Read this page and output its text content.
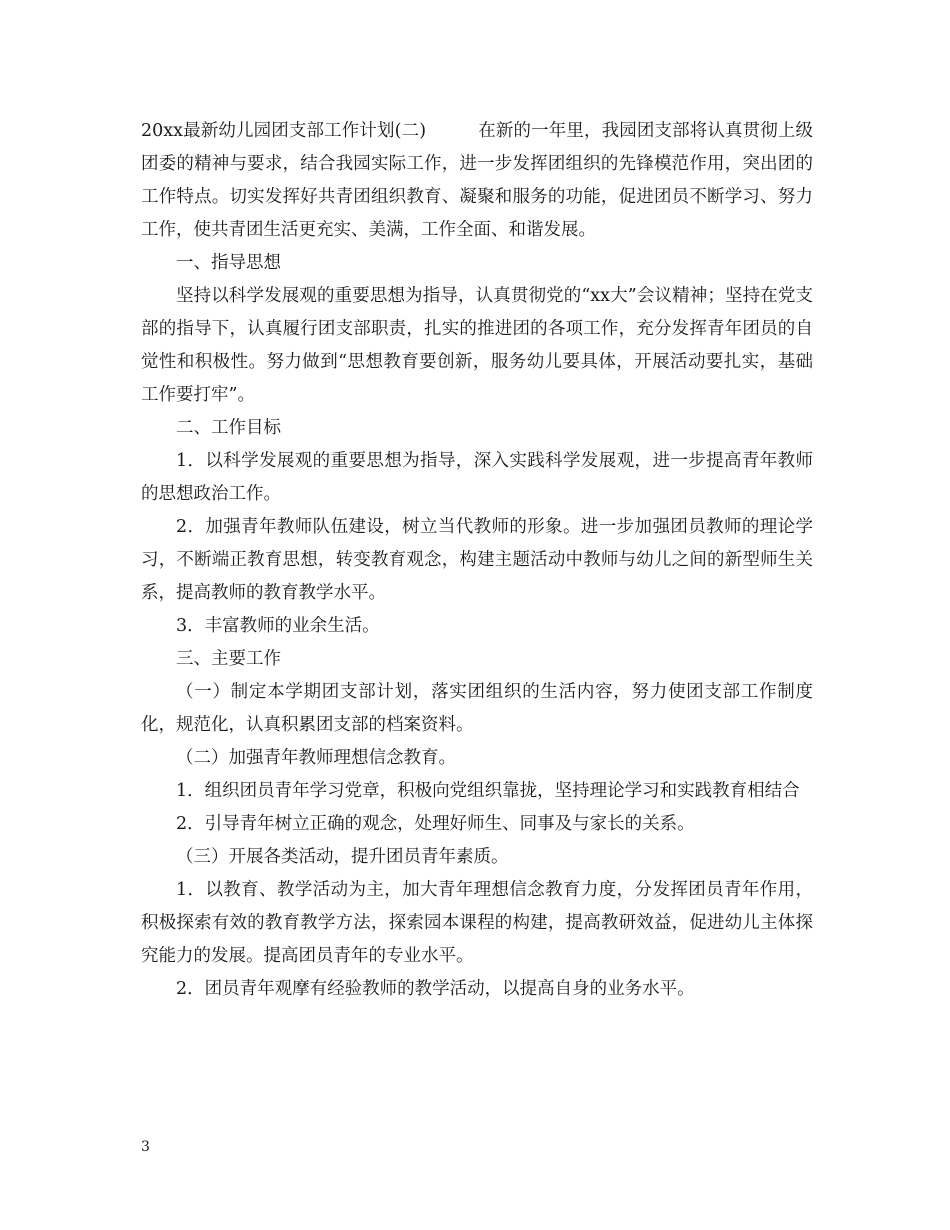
20xx最新幼儿园团支部工作计划(二)	在新的一年里，我园团支部将认真贯彻上级团委的精神与要求，结合我园实际工作，进一步发挥团组织的先锋模范作用，突出团的工作特点。切实发挥好共青团组织教育、凝聚和服务的功能，促进团员不断学习、努力工作，使共青团生活更充实、美满，工作全面、和谐发展。

一、指导思想

坚持以科学发展观的重要思想为指导，认真贯彻党的“xx大”会议精神；坚持在党支部的指导下，认真履行团支部职责，扎实的推进团的各项工作，充分发挥青年团员的自觉性和积极性。努力做到“思想教育要创新，服务幼儿要具体，开展活动要扎实，基础工作要打牢”。

二、工作目标

1．以科学发展观的重要思想为指导，深入实践科学发展观，进一步提高青年教师的思想政治工作。

2．加强青年教师队伍建设，树立当代教师的形象。进一步加强团员教师的理论学习，不断端正教育思想，转变教育观念，构建主题活动中教师与幼儿之间的新型师生关系，提高教师的教育教学水平。

3．丰富教师的业余生活。

三、主要工作

（一）制定本学期团支部计划，落实团组织的生活内容，努力使团支部工作制度化，规范化，认真积累团支部的档案资料。

（二）加强青年教师理想信念教育。

1．组织团员青年学习党章，积极向党组织靠拢，坚持理论学习和实践教育相结合

2．引导青年树立正确的观念，处理好师生、同事及与家长的关系。

（三）开展各类活动，提升团员青年素质。

1．以教育、教学活动为主，加大青年理想信念教育力度，分发挥团员青年作用，积极探索有效的教育教学方法，探索园本课程的构建，提高教研效益，促进幼儿主体探究能力的发展。提高团员青年的专业水平。

2．团员青年观摩有经验教师的教学活动，以提高自身的业务水平。

3
